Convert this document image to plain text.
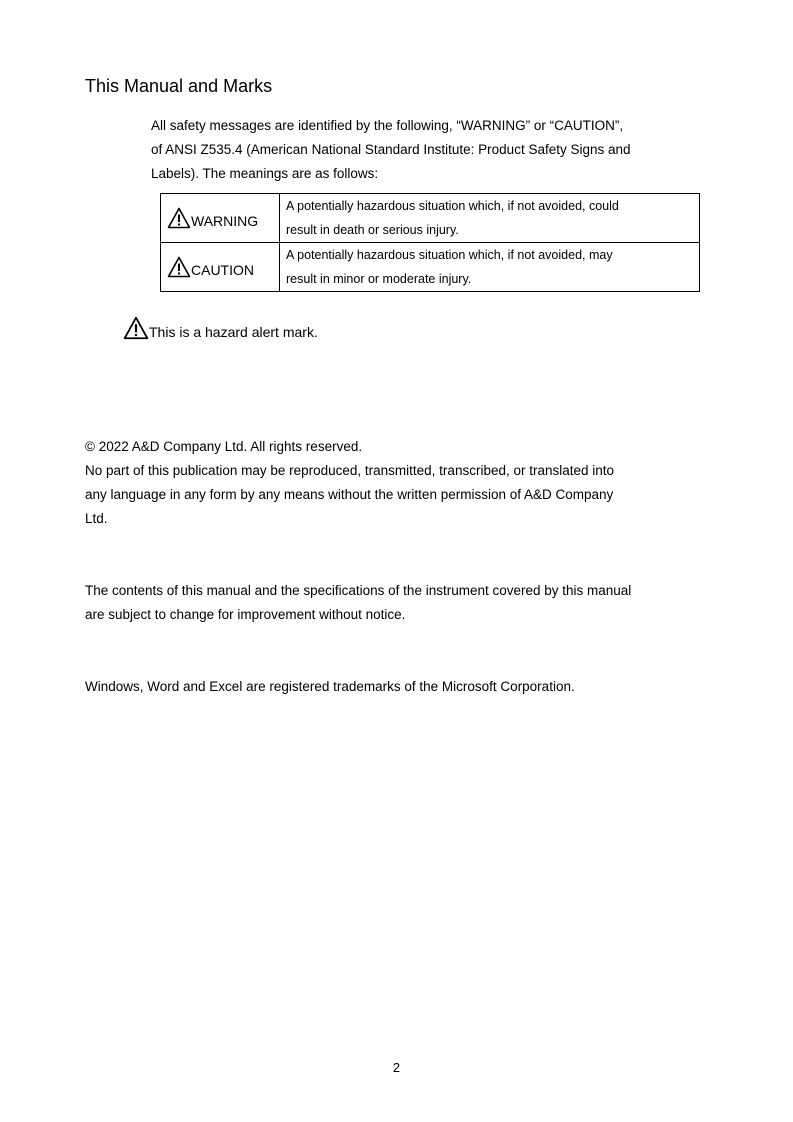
This Manual and Marks

All safety messages are identified by the following, “WARNING” or “CAUTION”,
of ANSI Z535.4 (American National Standard Institute: Product Safety Signs and
Labels). The meanings are as follows:

WARNING	A potentially hazardous situation which, if not avoided, could
result in death or serious injury.

CAUTION	A potentially hazardous situation which, if not avoided, may
result in minor or moderate injury.
This is a hazard alert mark.

© 2022 A&D Company Ltd. All rights reserved.
No part of this publication may be reproduced, transmitted, transcribed, or translated into
any language in any form by any means without the written permission of A&D Company
Ltd.

The contents of this manual and the specifications of the instrument covered by this manual
are subject to change for improvement without notice.

Windows, Word and Excel are registered trademarks of the Microsoft Corporation.

2
